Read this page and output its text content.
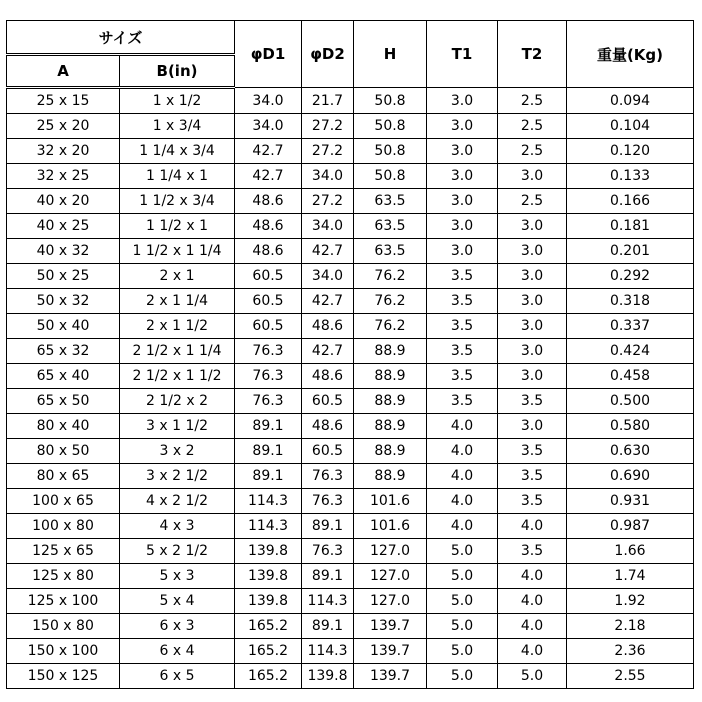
サイズ		φD1	φD2	H	T1	T2	重量(Kg)
A	B(in)						
25 x 15	1 x 1/2	34.0	21.7	50.8	3.0	2.5	0.094
25 x 20	1 x 3/4	34.0	27.2	50.8	3.0	2.5	0.104
32 x 20	1 1/4 x 3/4	42.7	27.2	50.8	3.0	2.5	0.120
32 x 25	1 1/4 x 1	42.7	34.0	50.8	3.0	3.0	0.133
40 x 20	1 1/2 x 3/4	48.6	27.2	63.5	3.0	2.5	0.166
40 x 25	1 1/2 x 1	48.6	34.0	63.5	3.0	3.0	0.181
40 x 32	1 1/2 x 1 1/4	48.6	42.7	63.5	3.0	3.0	0.201
50 x 25	2 x 1	60.5	34.0	76.2	3.5	3.0	0.292
50 x 32	2 x 1 1/4	60.5	42.7	76.2	3.5	3.0	0.318
50 x 40	2 x 1 1/2	60.5	48.6	76.2	3.5	3.0	0.337
65 x 32	2 1/2 x 1 1/4	76.3	42.7	88.9	3.5	3.0	0.424
65 x 40	2 1/2 x 1 1/2	76.3	48.6	88.9	3.5	3.0	0.458
65 x 50	2 1/2 x 2	76.3	60.5	88.9	3.5	3.5	0.500
80 x 40	3 x 1 1/2	89.1	48.6	88.9	4.0	3.0	0.580
80 x 50	3 x 2	89.1	60.5	88.9	4.0	3.5	0.630
80 x 65	3 x 2 1/2	89.1	76.3	88.9	4.0	3.5	0.690
100 x 65	4 x 2 1/2	114.3	76.3	101.6	4.0	3.5	0.931
100 x 80	4 x 3	114.3	89.1	101.6	4.0	4.0	0.987
125 x 65	5 x 2 1/2	139.8	76.3	127.0	5.0	3.5	1.66
125 x 80	5 x 3	139.8	89.1	127.0	5.0	4.0	1.74
125 x 100	5 x 4	139.8	114.3	127.0	5.0	4.0	1.92
150 x 80	6 x 3	165.2	89.1	139.7	5.0	4.0	2.18
150 x 100	6 x 4	165.2	114.3	139.7	5.0	4.0	2.36
150 x 125	6 x 5	165.2	139.8	139.7	5.0	5.0	2.55
